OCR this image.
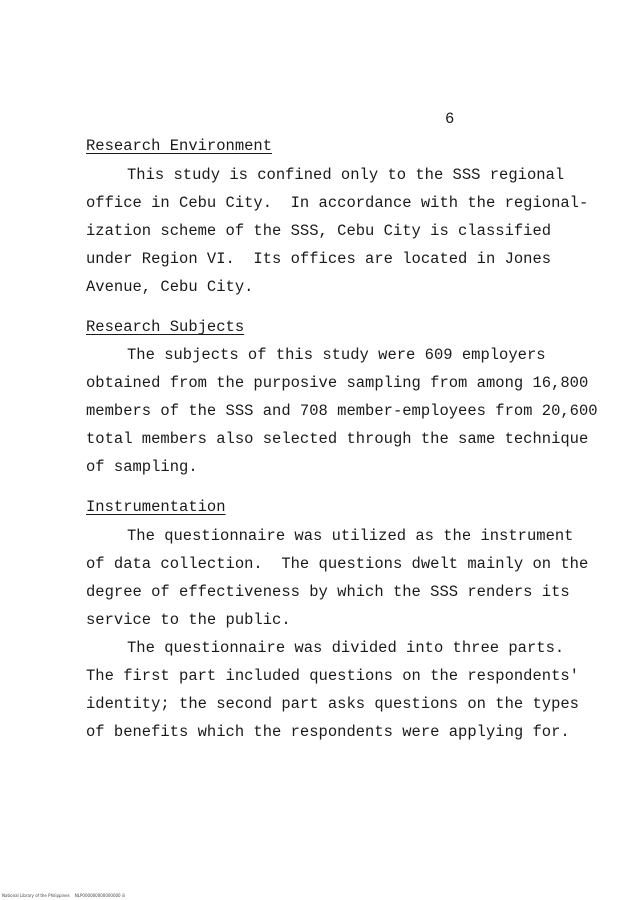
6
Research Environment
This study is confined only to the SSS regional
office in Cebu City.  In accordance with the regional-
ization scheme of the SSS, Cebu City is classified
under Region VI.  Its offices are located in Jones
Avenue, Cebu City.
Research Subjects
The subjects of this study were 609 employers
obtained from the purposive sampling from among 16,800
members of the SSS and 708 member-employees from 20,600
total members also selected through the same technique
of sampling.
Instrumentation
The questionnaire was utilized as the instrument
of data collection.  The questions dwelt mainly on the
degree of effectiveness by which the SSS renders its
service to the public.
The questionnaire was divided into three parts.
The first part included questions on the respondents'
identity; the second part asks questions on the types
of benefits which the respondents were applying for.
National Library of the Philippines    NLP000000000000000 iii
